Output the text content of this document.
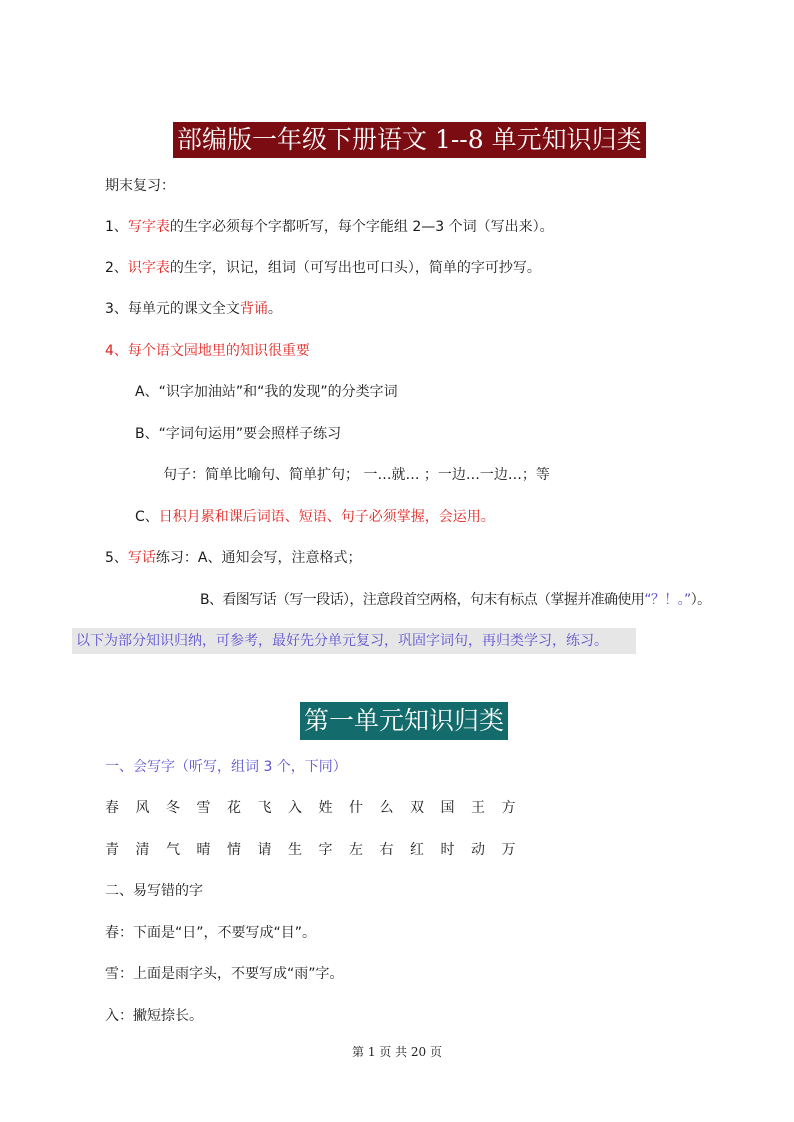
部编版一年级下册语文 1--8 单元知识归类
期末复习：
1、写字表的生字必须每个字都听写，每个字能组 2—3 个词（写出来）。
2、识字表的生字，识记，组词（可写出也可口头），简单的字可抄写。
3、每单元的课文全文背诵。
4、每个语文园地里的知识很重要
A、“识字加油站”和“我的发现”的分类字词
B、“字词句运用”要会照样子练习
句子：简单比喻句、简单扩句； 一…就… ；一边…一边…；等
C、日积月累和课后词语、短语、句子必须掌握，会运用。
5、写话练习：A、通知会写，注意格式；
B、看图写话（写一段话），注意段首空两格，句末有标点（掌握并准确使用“？！。”）。
以下为部分知识归纳，可参考，最好先分单元复习，巩固字词句，再归类学习，练习。
第一单元知识归类
一、会写字（听写，组词 3 个，下同）
春 风 冬 雪 花 飞 入 姓 什 么 双 国 王 方
青 清 气 晴 情 请 生 字 左 右 红 时 动 万
二、易写错的字
春：下面是“日”，不要写成“目”。
雪：上面是雨字头，不要写成“雨”字。
入：撇短捺长。
第 1 页 共 20 页
